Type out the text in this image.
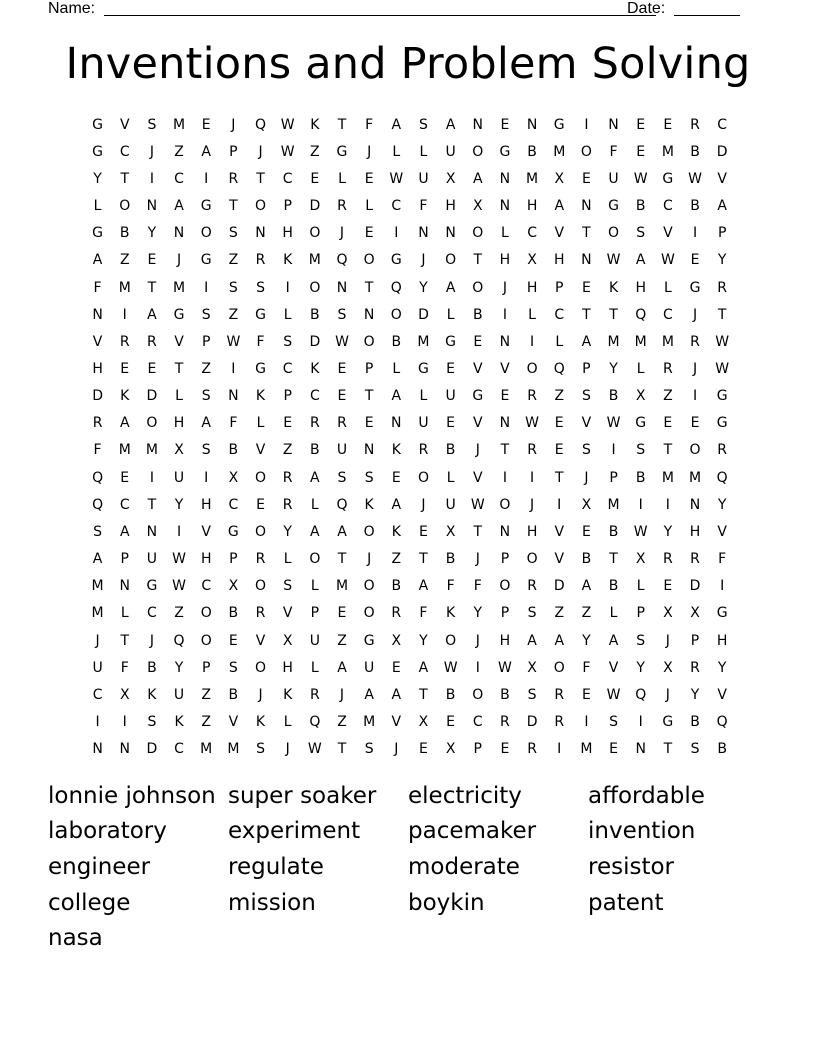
Name:	Date:
Inventions and Problem Solving
G	V	S	M	E	J	Q	W	K	T	F	A	S	A	N	E	N	G	I	N	E	E	R	C
G	C	J	Z	A	P	J	W	Z	G	J	L	L	U	O	G	B	M	O	F	E	M	B	D
Y	T	I	C	I	R	T	C	E	L	E	W	U	X	A	N	M	X	E	U	W	G	W	V
L	O	N	A	G	T	O	P	D	R	L	C	F	H	X	N	H	A	N	G	B	C	B	A
G	B	Y	N	O	S	N	H	O	J	E	I	N	N	O	L	C	V	T	O	S	V	I	P
A	Z	E	J	G	Z	R	K	M	Q	O	G	J	O	T	H	X	H	N	W	A	W	E	Y
F	M	T	M	I	S	S	I	O	N	T	Q	Y	A	O	J	H	P	E	K	H	L	G	R
N	I	A	G	S	Z	G	L	B	S	N	O	D	L	B	I	L	C	T	T	Q	C	J	T
V	R	R	V	P	W	F	S	D	W	O	B	M	G	E	N	I	L	A	M	M	M	R	W
H	E	E	T	Z	I	G	C	K	E	P	L	G	E	V	V	O	Q	P	Y	L	R	J	W
D	K	D	L	S	N	K	P	C	E	T	A	L	U	G	E	R	Z	S	B	X	Z	I	G
R	A	O	H	A	F	L	E	R	R	E	N	U	E	V	N	W	E	V	W	G	E	E	G
F	M	M	X	S	B	V	Z	B	U	N	K	R	B	J	T	R	E	S	I	S	T	O	R
Q	E	I	U	I	X	O	R	A	S	S	E	O	L	V	I	I	T	J	P	B	M	M	Q
Q	C	T	Y	H	C	E	R	L	Q	K	A	J	U	W	O	J	I	X	M	I	I	N	Y
S	A	N	I	V	G	O	Y	A	A	O	K	E	X	T	N	H	V	E	B	W	Y	H	V
A	P	U	W	H	P	R	L	O	T	J	Z	T	B	J	P	O	V	B	T	X	R	R	F
M	N	G	W	C	X	O	S	L	M	O	B	A	F	F	O	R	D	A	B	L	E	D	I
M	L	C	Z	O	B	R	V	P	E	O	R	F	K	Y	P	S	Z	Z	L	P	X	X	G
J	T	J	Q	O	E	V	X	U	Z	G	X	Y	O	J	H	A	A	Y	A	S	J	P	H
U	F	B	Y	P	S	O	H	L	A	U	E	A	W	I	W	X	O	F	V	Y	X	R	Y
C	X	K	U	Z	B	J	K	R	J	A	A	T	B	O	B	S	R	E	W	Q	J	Y	V
I	I	S	K	Z	V	K	L	Q	Z	M	V	X	E	C	R	D	R	I	S	I	G	B	Q
N	N	D	C	M	M	S	J	W	T	S	J	E	X	P	E	R	I	M	E	N	T	S	B
lonnie johnson super soaker	electricity	affordable
laboratory	experiment	pacemaker	invention
engineer	regulate	moderate	resistor
college	mission	boykin	patent
nasa
